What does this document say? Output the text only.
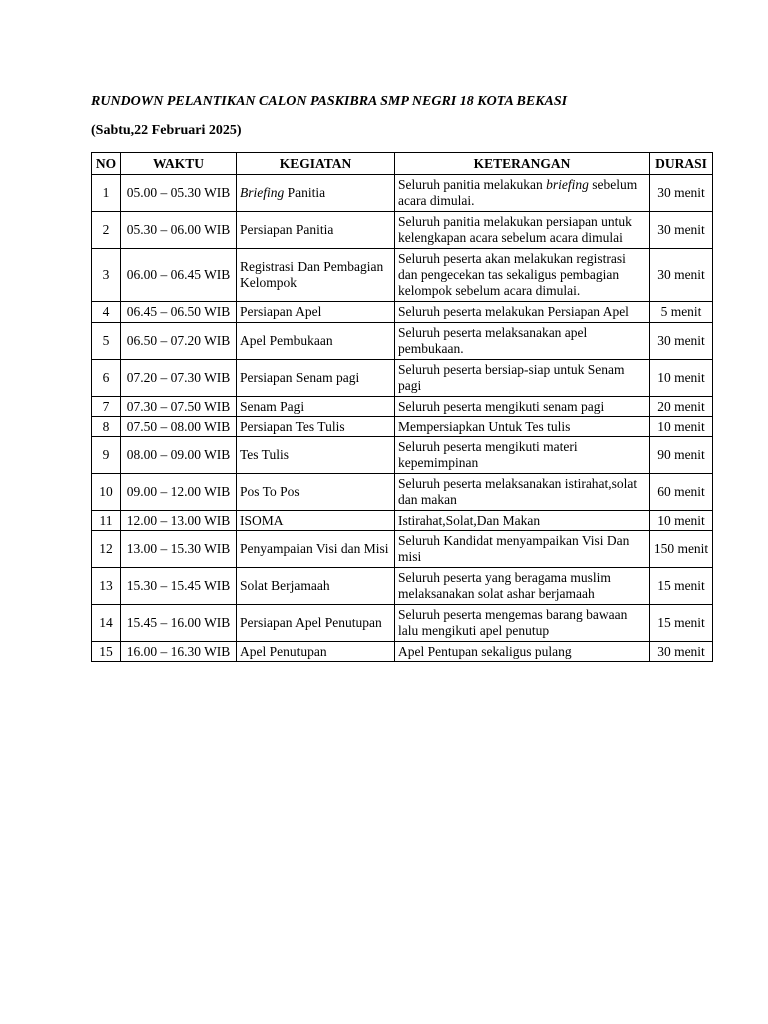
RUNDOWN PELANTIKAN CALON PASKIBRA SMP NEGRI 18 KOTA BEKASI
(Sabtu,22 Februari 2025)
NO	WAKTU	KEGIATAN	KETERANGAN	DURASI
1	05.00 – 05.30 WIB	Briefing Panitia	Seluruh panitia melakukan briefing sebelum acara dimulai.	30 menit
2	05.30 – 06.00 WIB	Persiapan Panitia	Seluruh panitia melakukan persiapan untuk kelengkapan acara sebelum acara dimulai	30 menit
3	06.00 – 06.45 WIB	Registrasi Dan Pembagian Kelompok	Seluruh peserta akan melakukan registrasi dan pengecekan tas sekaligus pembagian kelompok sebelum acara dimulai.	30 menit
4	06.45 – 06.50 WIB	Persiapan Apel	Seluruh peserta melakukan Persiapan Apel	5 menit
5	06.50 – 07.20 WIB	Apel Pembukaan	Seluruh peserta melaksanakan apel pembukaan.	30 menit
6	07.20 – 07.30 WIB	Persiapan Senam pagi	Seluruh peserta bersiap-siap untuk Senam pagi	10 menit
7	07.30 – 07.50 WIB	Senam Pagi	Seluruh peserta mengikuti senam pagi	20 menit
8	07.50 – 08.00 WIB	Persiapan Tes Tulis	Mempersiapkan Untuk Tes tulis	10 menit
9	08.00 – 09.00 WIB	Tes Tulis	Seluruh peserta mengikuti materi kepemimpinan	90 menit
10	09.00 – 12.00 WIB	Pos To Pos	Seluruh peserta melaksanakan istirahat,solat dan makan	60 menit
11	12.00 – 13.00 WIB	ISOMA	Istirahat,Solat,Dan Makan	10 menit
12	13.00 – 15.30 WIB	Penyampaian Visi dan Misi	Seluruh Kandidat menyampaikan Visi Dan misi	150 menit
13	15.30 – 15.45 WIB	Solat Berjamaah	Seluruh peserta yang beragama muslim melaksanakan solat ashar berjamaah	15 menit
14	15.45 – 16.00 WIB	Persiapan Apel Penutupan	Seluruh peserta mengemas barang bawaan lalu mengikuti apel penutup	15 menit
15	16.00 – 16.30 WIB	Apel Penutupan	Apel Pentupan sekaligus pulang	30 menit
